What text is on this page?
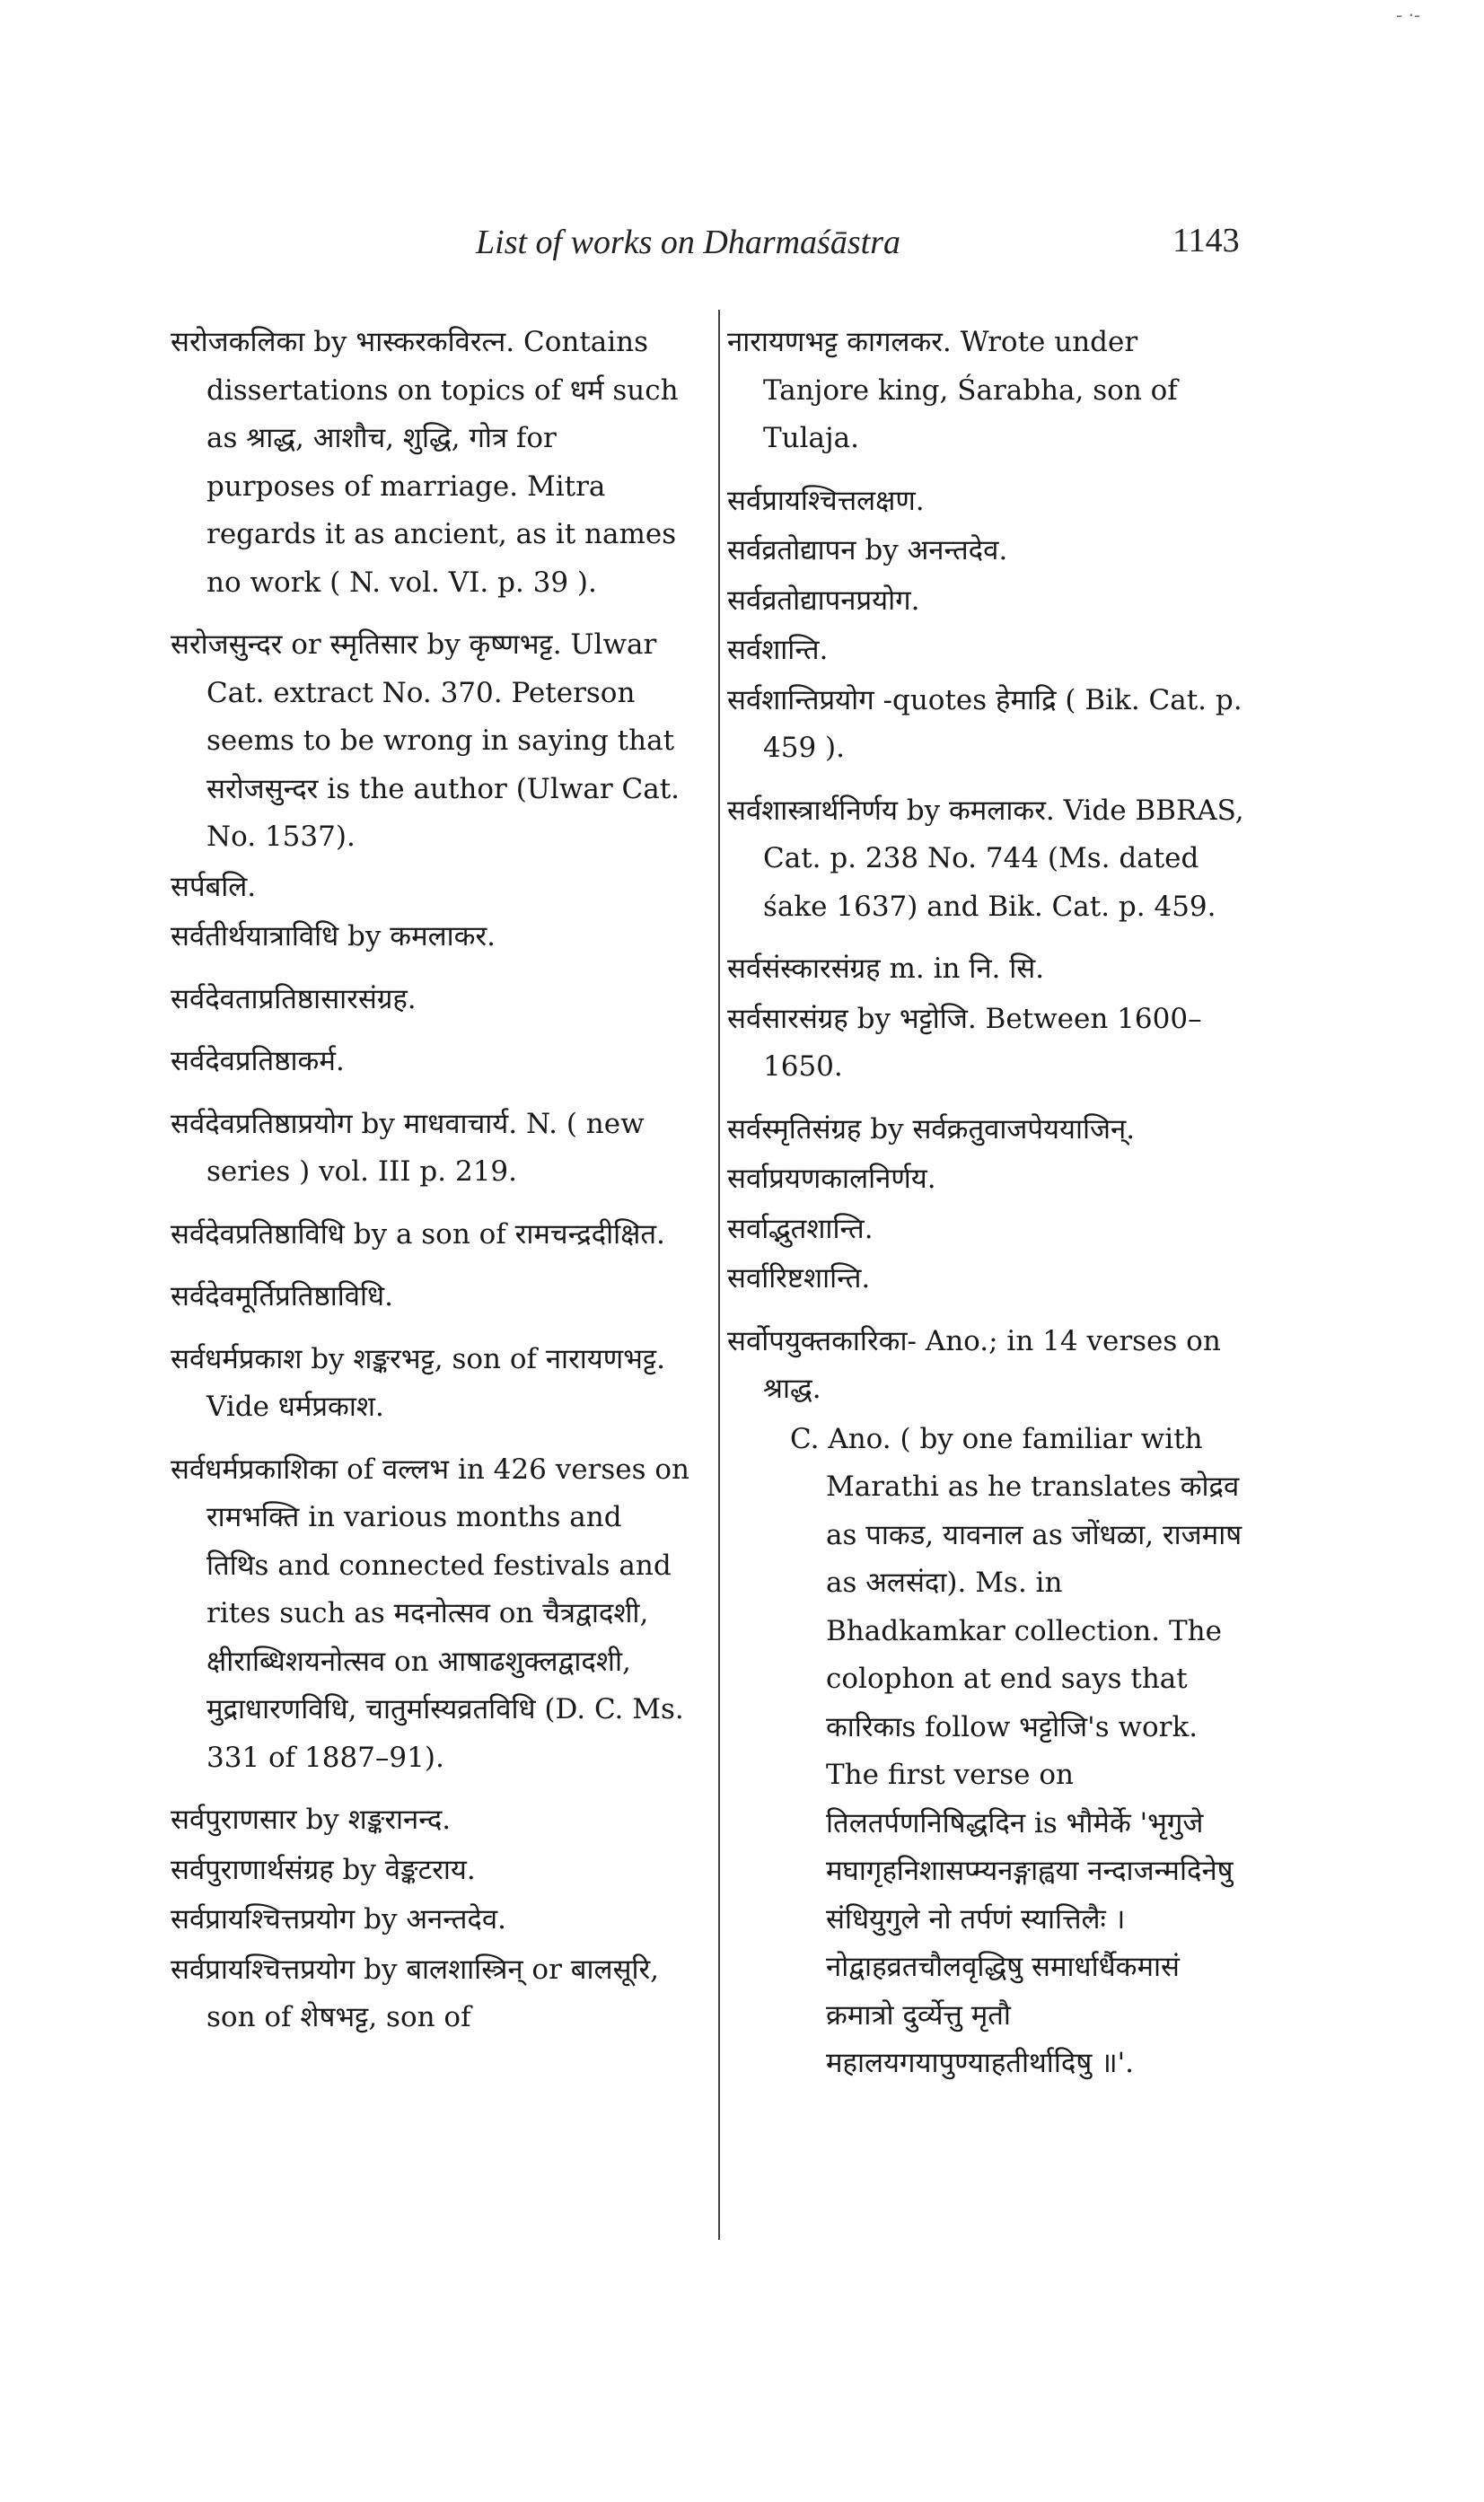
List of works on Dharmaśāstra	1143
- ·-

सरोजकलिका by भास्करकविरत्न. Contains dissertations on topics of धर्म such as श्राद्ध, आशौच, शुद्धि, गोत्र for purposes of marriage. Mitra regards it as ancient, as it names no work ( N. vol. VI. p. 39 ).

सरोजसुन्दर or स्मृतिसार by कृष्णभट्ट. Ulwar Cat. extract No. 370. Peterson seems to be wrong in saying that सरोजसुन्दर is the author (Ulwar Cat. No. 1537).

सर्पबलि.

सर्वतीर्थयात्राविधि by कमलाकर.

सर्वदेवताप्रतिष्ठासारसंग्रह.

सर्वदेवप्रतिष्ठाकर्म.

सर्वदेवप्रतिष्ठाप्रयोग by माधवाचार्य. N. ( new series ) vol. III p. 219.

सर्वदेवप्रतिष्ठाविधि by a son of रामचन्द्रदीक्षित.

सर्वदेवमूर्तिप्रतिष्ठाविधि.

सर्वधर्मप्रकाश by शङ्करभट्ट, son of नारायणभट्ट. Vide धर्मप्रकाश.

सर्वधर्मप्रकाशिका of वल्लभ in 426 verses on रामभक्ति in various months and तिथिs and connected festivals and rites such as मदनोत्सव on चैत्रद्वादशी, क्षीराब्धिशयनोत्सव on आषाढशुक्लद्वादशी, मुद्राधारणविधि, चातुर्मास्यव्रतविधि (D. C. Ms. 331 of 1887–91).

सर्वपुराणसार by शङ्करानन्द.

सर्वपुराणार्थसंग्रह by वेङ्कटराय.

सर्वप्रायश्चित्तप्रयोग by अनन्तदेव.

सर्वप्रायश्चित्तप्रयोग by बालशास्त्रिन् or बालसूरि, son of शेषभट्ट, son of

नारायणभट्ट कागलकर. Wrote under Tanjore king, Śarabha, son of Tulaja.

सर्वप्रायश्चित्तलक्षण.

सर्वव्रतोद्यापन by अनन्तदेव.

सर्वव्रतोद्यापनप्रयोग.

सर्वशान्ति.

सर्वशान्तिप्रयोग -quotes हेमाद्रि ( Bik. Cat. p. 459 ).

सर्वशास्त्रार्थनिर्णय by कमलाकर. Vide BBRAS, Cat. p. 238 No. 744 (Ms. dated śake 1637) and Bik. Cat. p. 459.

सर्वसंस्कारसंग्रह m. in नि. सि.

सर्वसारसंग्रह by भट्टोजि. Between 1600–1650.

सर्वस्मृतिसंग्रह by सर्वक्रतुवाजपेययाजिन्.

सर्वाप्रयणकालनिर्णय.

सर्वाद्भुतशान्ति.

सर्वारिष्टशान्ति.

सर्वोपयुक्तकारिका- Ano.; in 14 verses on श्राद्ध.

C. Ano. ( by one familiar with Marathi as he translates कोद्रव as पाकड, यावनाल as जोंधळा, राजमाष as अलसंदा). Ms. in Bhadkamkar collection. The colophon at end says that कारिकाs follow भट्टोजि's work. The first verse on तिलतर्पणनिषिद्धदिन is भौमेर्के 'भृगुजे मघागृहनिशासप्म्यनङ्गाह्वया नन्दाजन्मदिनेषु संधियुगुले नो तर्पणं स्यात्तिलैः । नोद्वाहव्रतचौलवृद्धिषु समार्धार्धैकमासं क्रमात्रो दुर्व्येत्तु मृतौ महालयगयापुण्याहतीर्थादिषु ॥'.
